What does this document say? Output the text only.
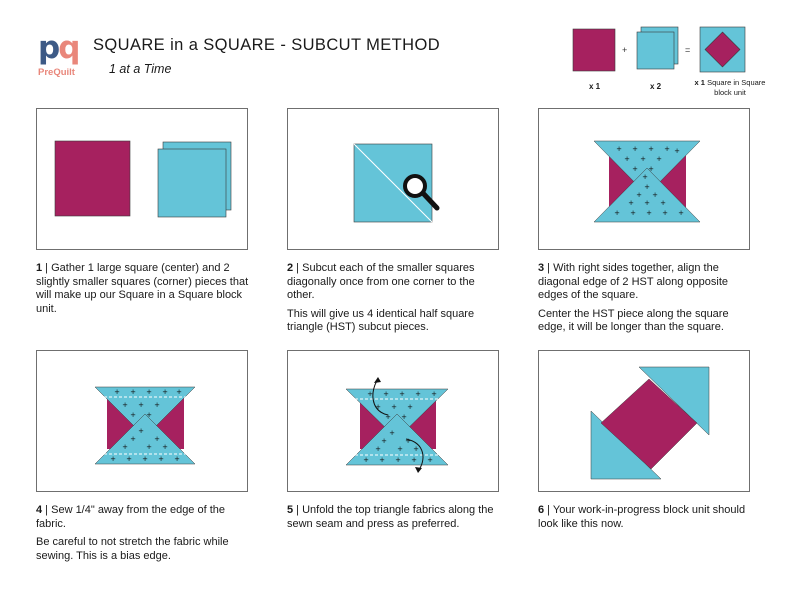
pq
PreQuilt
SQUARE in a SQUARE - SUBCUT METHOD
1 at a Time
+	=
x 1	x 2	x 1 Square in Square block unit
+ + + + +
+ + +
+ +
+
+
+ +
+ + +
+ + + + +
+ + + + +
+ + +
+ +
+
+	+
+	+ +
+ + + + +
+ + + + +
+ + +
+ +
+
+	+
+ + +
+ + + + +

1 | Gather 1 large square (center) and 2 slightly smaller squares (corner) pieces that will make up our Square in a Square block unit.

2 | Subcut each of the smaller squares diagonally once from one corner to the other.

This will give us 4 identical half square triangle (HST) subcut pieces.

3 | With right sides together, align the diagonal edge of 2 HST along opposite edges of the square.

Center the HST piece along the square edge, it will be longer than the square.

4 | Sew 1/4" away from the edge of the fabric.

Be careful to not stretch the fabric while sewing. This is a bias edge.

5 | Unfold the top triangle fabrics along the sewn seam and press as preferred.

6 | Your work-in-progress block unit should look like this now.
